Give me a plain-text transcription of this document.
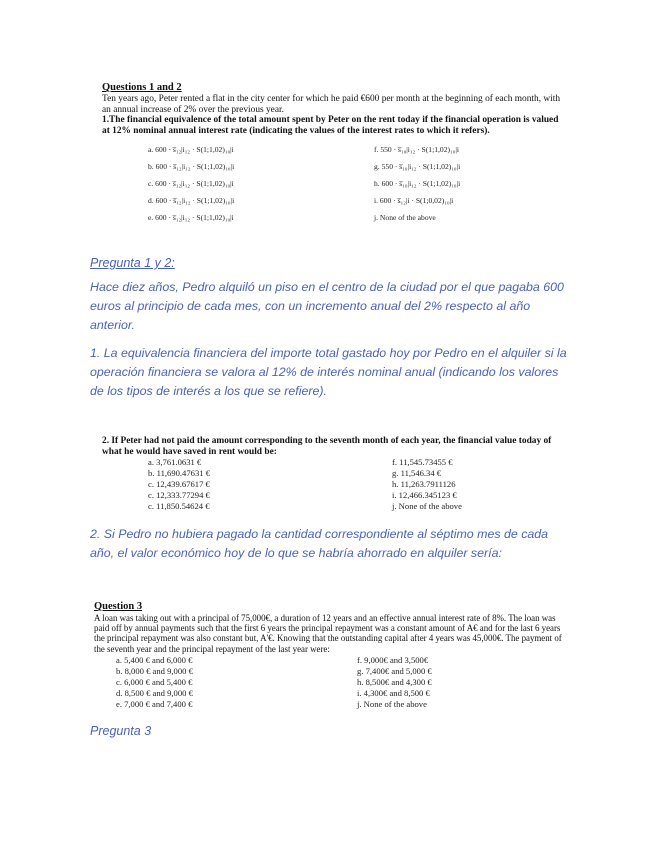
Questions 1 and 2
Ten years ago, Peter rented a flat in the city center for which he paid €600 per month at the beginning of each month, with an annual increase of 2% over the previous year.
1.The financial equivalence of the total amount spent by Peter on the rent today if the financial operation is valued at 12% nominal annual interest rate (indicating the values of the interest rates to which it refers).
a. 600 · s̅₁₂|i₁₂ · S(1;1,02)₁₀|i
b. 600 · s̅₁₂|i₁₂ · S(1;1,02)₁₀|i
c. 600 · s̅₁₂|i₁₂ · S(1;1,02)₁₀|i
d. 600 · s̅₁₂|i₁₂ · S(1;1,02)₁₀|i
e. 600 · s̅₁₂|i₁₂ · S(1;1,02)₁₀|i
f. 550 · s̅₁₀|i₁₂ · S(1;1,02)₁₀|i
g. 550 · s̅₁₀|i₁₂ · S(1;1,02)₁₀|i
h. 600 · s̅₁₀|i₁₂ · S(1;1,02)₁₀|i
i. 600 · s̅₁₂|i · S(1;0,02)₁₀|i
j. None of the above
Pregunta 1 y 2:
Hace diez años, Pedro alquiló un piso en el centro de la ciudad por el que pagaba 600 euros al principio de cada mes, con un incremento anual del 2% respecto al año anterior.
1. La equivalencia financiera del importe total gastado hoy por Pedro en el alquiler si la operación financiera se valora al 12% de interés nominal anual (indicando los valores de los tipos de interés a los que se refiere).
2. If Peter had not paid the amount corresponding to the seventh month of each year, the financial value today of what he would have saved in rent would be:
a. 3,761.0631 €
b. 11,690.47631 €
c. 12,439.67617 €
c. 12,333.77294 €
c. 11,850.54624 €
f. 11,545.73455 €
g. 11,546.34 €
h. 11,263.7911126
i. 12,466.345123 €
j. None of the above
2. Si Pedro no hubiera pagado la cantidad correspondiente al séptimo mes de cada año, el valor económico hoy de lo que se habría ahorrado en alquiler sería:
Question 3
A loan was taking out with a principal of 75,000€, a duration of 12 years and an effective annual interest rate of 8%. The loan was paid off by annual payments such that the first 6 years the principal repayment was a constant amount of A€ and for the last 6 years the principal repayment was also constant but, A'€. Knowing that the outstanding capital after 4 years was 45,000€. The payment of the seventh year and the principal repayment of the last year were:
a. 5,400 € and 6,000 €
b. 8,000 € and 9,000 €
c. 6,000 € and 5,400 €
d. 8,500 € and 9,000 €
e. 7,000 € and 7,400 €
f. 9,000€ and 3,500€
g. 7,400€ and 5,000 €
h. 8,500€ and 4,300 €
i. 4,300€ and 8,500 €
j. None of the above
Pregunta 3
